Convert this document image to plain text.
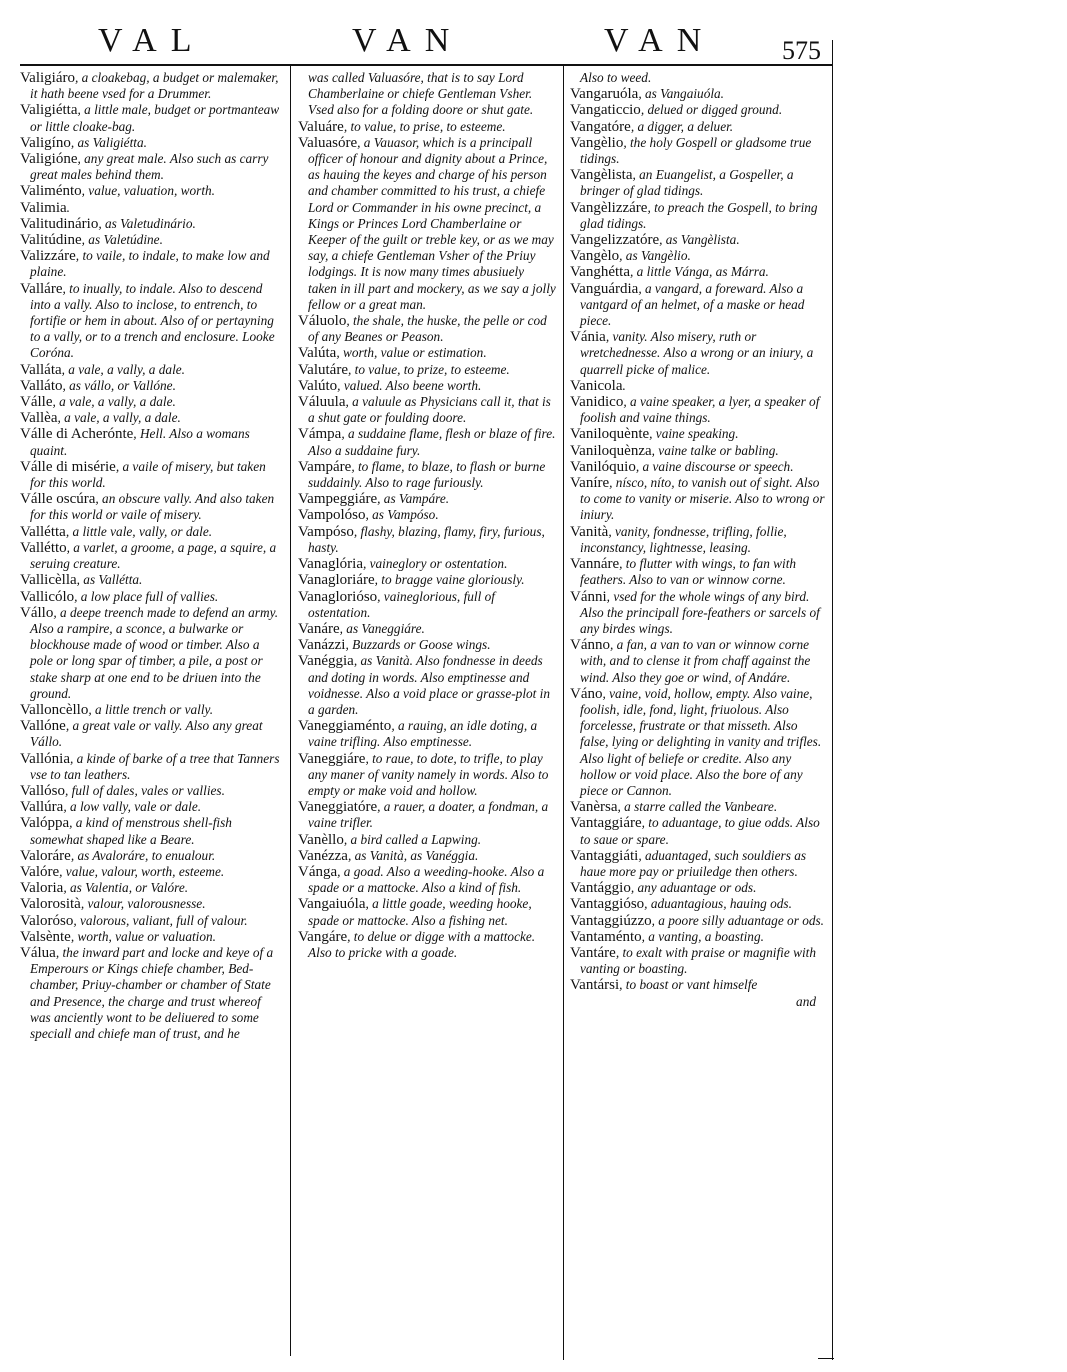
VAL	VAN	VAN	575

Valigiáro, a cloakebag, a budget or malemaker, it hath beene vsed for a Drummer.

Valigiétta, a little male, budget or portmanteaw or little cloake-bag.

Valigíno, as Valigiétta.

Valigióne, any great male. Also such as carry great males behind them.

Valiménto, value, valuation, worth.

Valimia.

Valitudinário, as Valetudinário.

Valitúdine, as Valetúdine.

Valizzáre, to vaile, to indale, to make low and plaine.

Valláre, to inually, to indale. Also to descend into a vally. Also to inclose, to entrench, to fortifie or hem in about. Also of or pertayning to a vally, or to a trench and enclosure. Looke Coróna.

Valláta, a vale, a vally, a dale.

Valláto, as vállo, or Vallóne.

Válle, a vale, a vally, a dale.

Vallèa, a vale, a vally, a dale.

Válle di Acherónte, Hell. Also a womans quaint.

Válle di misérie, a vaile of misery, but taken for this world.

Válle oscúra, an obscure vally. And also taken for this world or vaile of misery.

Vallétta, a little vale, vally, or dale.

Vallétto, a varlet, a groome, a page, a squire, a seruing creature.

Vallicèlla, as Vallétta.

Vallicólo, a low place full of vallies.

Vállo, a deepe treench made to defend an army. Also a rampire, a sconce, a bulwarke or blockhouse made of wood or timber. Also a pole or long spar of timber, a pile, a post or stake sharp at one end to be driuen into the ground.

Valloncèllo, a little trench or vally.

Vallóne, a great vale or vally. Also any great Vállo.

Vallónia, a kinde of barke of a tree that Tanners vse to tan leathers.

Vallóso, full of dales, vales or vallies.

Vallúra, a low vally, vale or dale.

Valóppa, a kind of menstrous shell-fish somewhat shaped like a Beare.

Valoráre, as Avaloráre, to enualour.

Valóre, value, valour, worth, esteeme.

Valoria, as Valentia, or Valóre.

Valorosità, valour, valorousnesse.

Valoróso, valorous, valiant, full of valour.

Valsènte, worth, value or valuation.

Válua, the inward part and locke and keye of a Emperours or Kings chiefe chamber, Bed-chamber, Priuy-chamber or chamber of State and Presence, the charge and trust whereof was anciently wont to be deliuered to some speciall and chiefe man of trust, and he

was called Valuasóre, that is to say Lord Chamberlaine or chiefe Gentleman Vsher. Vsed also for a folding doore or shut gate.

Valuáre, to value, to prise, to esteeme.

Valuasóre, a Vauasor, which is a principall officer of honour and dignity about a Prince, as hauing the keyes and charge of his person and chamber committed to his trust, a chiefe Lord or Commander in his owne precinct, a Kings or Princes Lord Chamberlaine or Keeper of the guilt or treble key, or as we may say, a chiefe Gentleman Vsher of the Priuy lodgings. It is now many times abusiuely taken in ill part and mockery, as we say a jolly fellow or a great man.

Váluolo, the shale, the huske, the pelle or cod of any Beanes or Peason.

Valúta, worth, value or estimation.

Valutáre, to value, to prize, to esteeme.

Valúto, valued. Also beene worth.

Váluula, a valuule as Physicians call it, that is a shut gate or foulding doore.

Vámpa, a suddaine flame, flesh or blaze of fire. Also a suddaine fury.

Vampáre, to flame, to blaze, to flash or burne suddainly. Also to rage furiously.

Vampeggiáre, as Vampáre.

Vampolóso, as Vampóso.

Vampóso, flashy, blazing, flamy, firy, furious, hasty.

Vanaglória, vaineglory or ostentation.

Vanagloriáre, to bragge vaine gloriously.

Vanaglorióso, vaineglorious, full of ostentation.

Vanáre, as Vaneggiáre.

Vanázzi, Buzzards or Goose wings.

Vanéggia, as Vanità. Also fondnesse in deeds and doting in words. Also emptinesse and voidnesse. Also a void place or grasse-plot in a garden.

Vaneggiaménto, a rauing, an idle doting, a vaine trifling. Also emptinesse.

Vaneggiáre, to raue, to dote, to trifle, to play any maner of vanity namely in words. Also to empty or make void and hollow.

Vaneggiatóre, a rauer, a doater, a fondman, a vaine trifler.

Vanèllo, a bird called a Lapwing.

Vanézza, as Vanità, as Vanéggia.

Vánga, a goad. Also a weeding-hooke. Also a spade or a mattocke. Also a kind of fish.

Vangaiuóla, a little goade, weeding hooke, spade or mattocke. Also a fishing net.

Vangáre, to delue or digge with a mattocke. Also to pricke with a goade.

Also to weed.

Vangaruóla, as Vangaiuóla.

Vangaticcio, delued or digged ground.

Vangatóre, a digger, a deluer.

Vangèlio, the holy Gospell or gladsome true tidings.

Vangèlista, an Euangelist, a Gospeller, a bringer of glad tidings.

Vangèlizzáre, to preach the Gospell, to bring glad tidings.

Vangelizzatóre, as Vangèlista.

Vangèlo, as Vangèlio.

Vanghétta, a little Vánga, as Márra.

Vanguárdia, a vangard, a foreward. Also a vantgard of an helmet, of a maske or head piece.

Vánia, vanity. Also misery, ruth or wretchednesse. Also a wrong or an iniury, a quarrell picke of malice.

Vanicola.

Vanidico, a vaine speaker, a lyer, a speaker of foolish and vaine things.

Vaniloquènte, vaine speaking.

Vaniloquènza, vaine talke or babling.

Vanilóquio, a vaine discourse or speech.

Vaníre, nísco, níto, to vanish out of sight. Also to come to vanity or miserie. Also to wrong or iniury.

Vanità, vanity, fondnesse, trifling, follie, inconstancy, lightnesse, leasing.

Vannáre, to flutter with wings, to fan with feathers. Also to van or winnow corne.

Vánni, vsed for the whole wings of any bird. Also the principall fore-feathers or sarcels of any birdes wings.

Vánno, a fan, a van to van or winnow corne with, and to clense it from chaff against the wind. Also they goe or wind, of Andáre.

Váno, vaine, void, hollow, empty. Also vaine, foolish, idle, fond, light, friuolous. Also forcelesse, frustrate or that misseth. Also false, lying or delighting in vanity and trifles. Also light of beliefe or credite. Also any hollow or void place. Also the bore of any piece or Cannon.

Vanèrsa, a starre called the Vanbeare.

Vantaggiáre, to aduantage, to giue odds. Also to saue or spare.

Vantaggiáti, aduantaged, such souldiers as haue more pay or priuiledge then others.

Vantággio, any aduantage or ods.

Vantaggióso, aduantagious, hauing ods.

Vantaggiúzzo, a poore silly aduantage or ods.

Vantaménto, a vanting, a boasting.

Vantáre, to exalt with praise or magnifie with vanting or boasting.

Vantársi, to boast or vant himselfe

and
